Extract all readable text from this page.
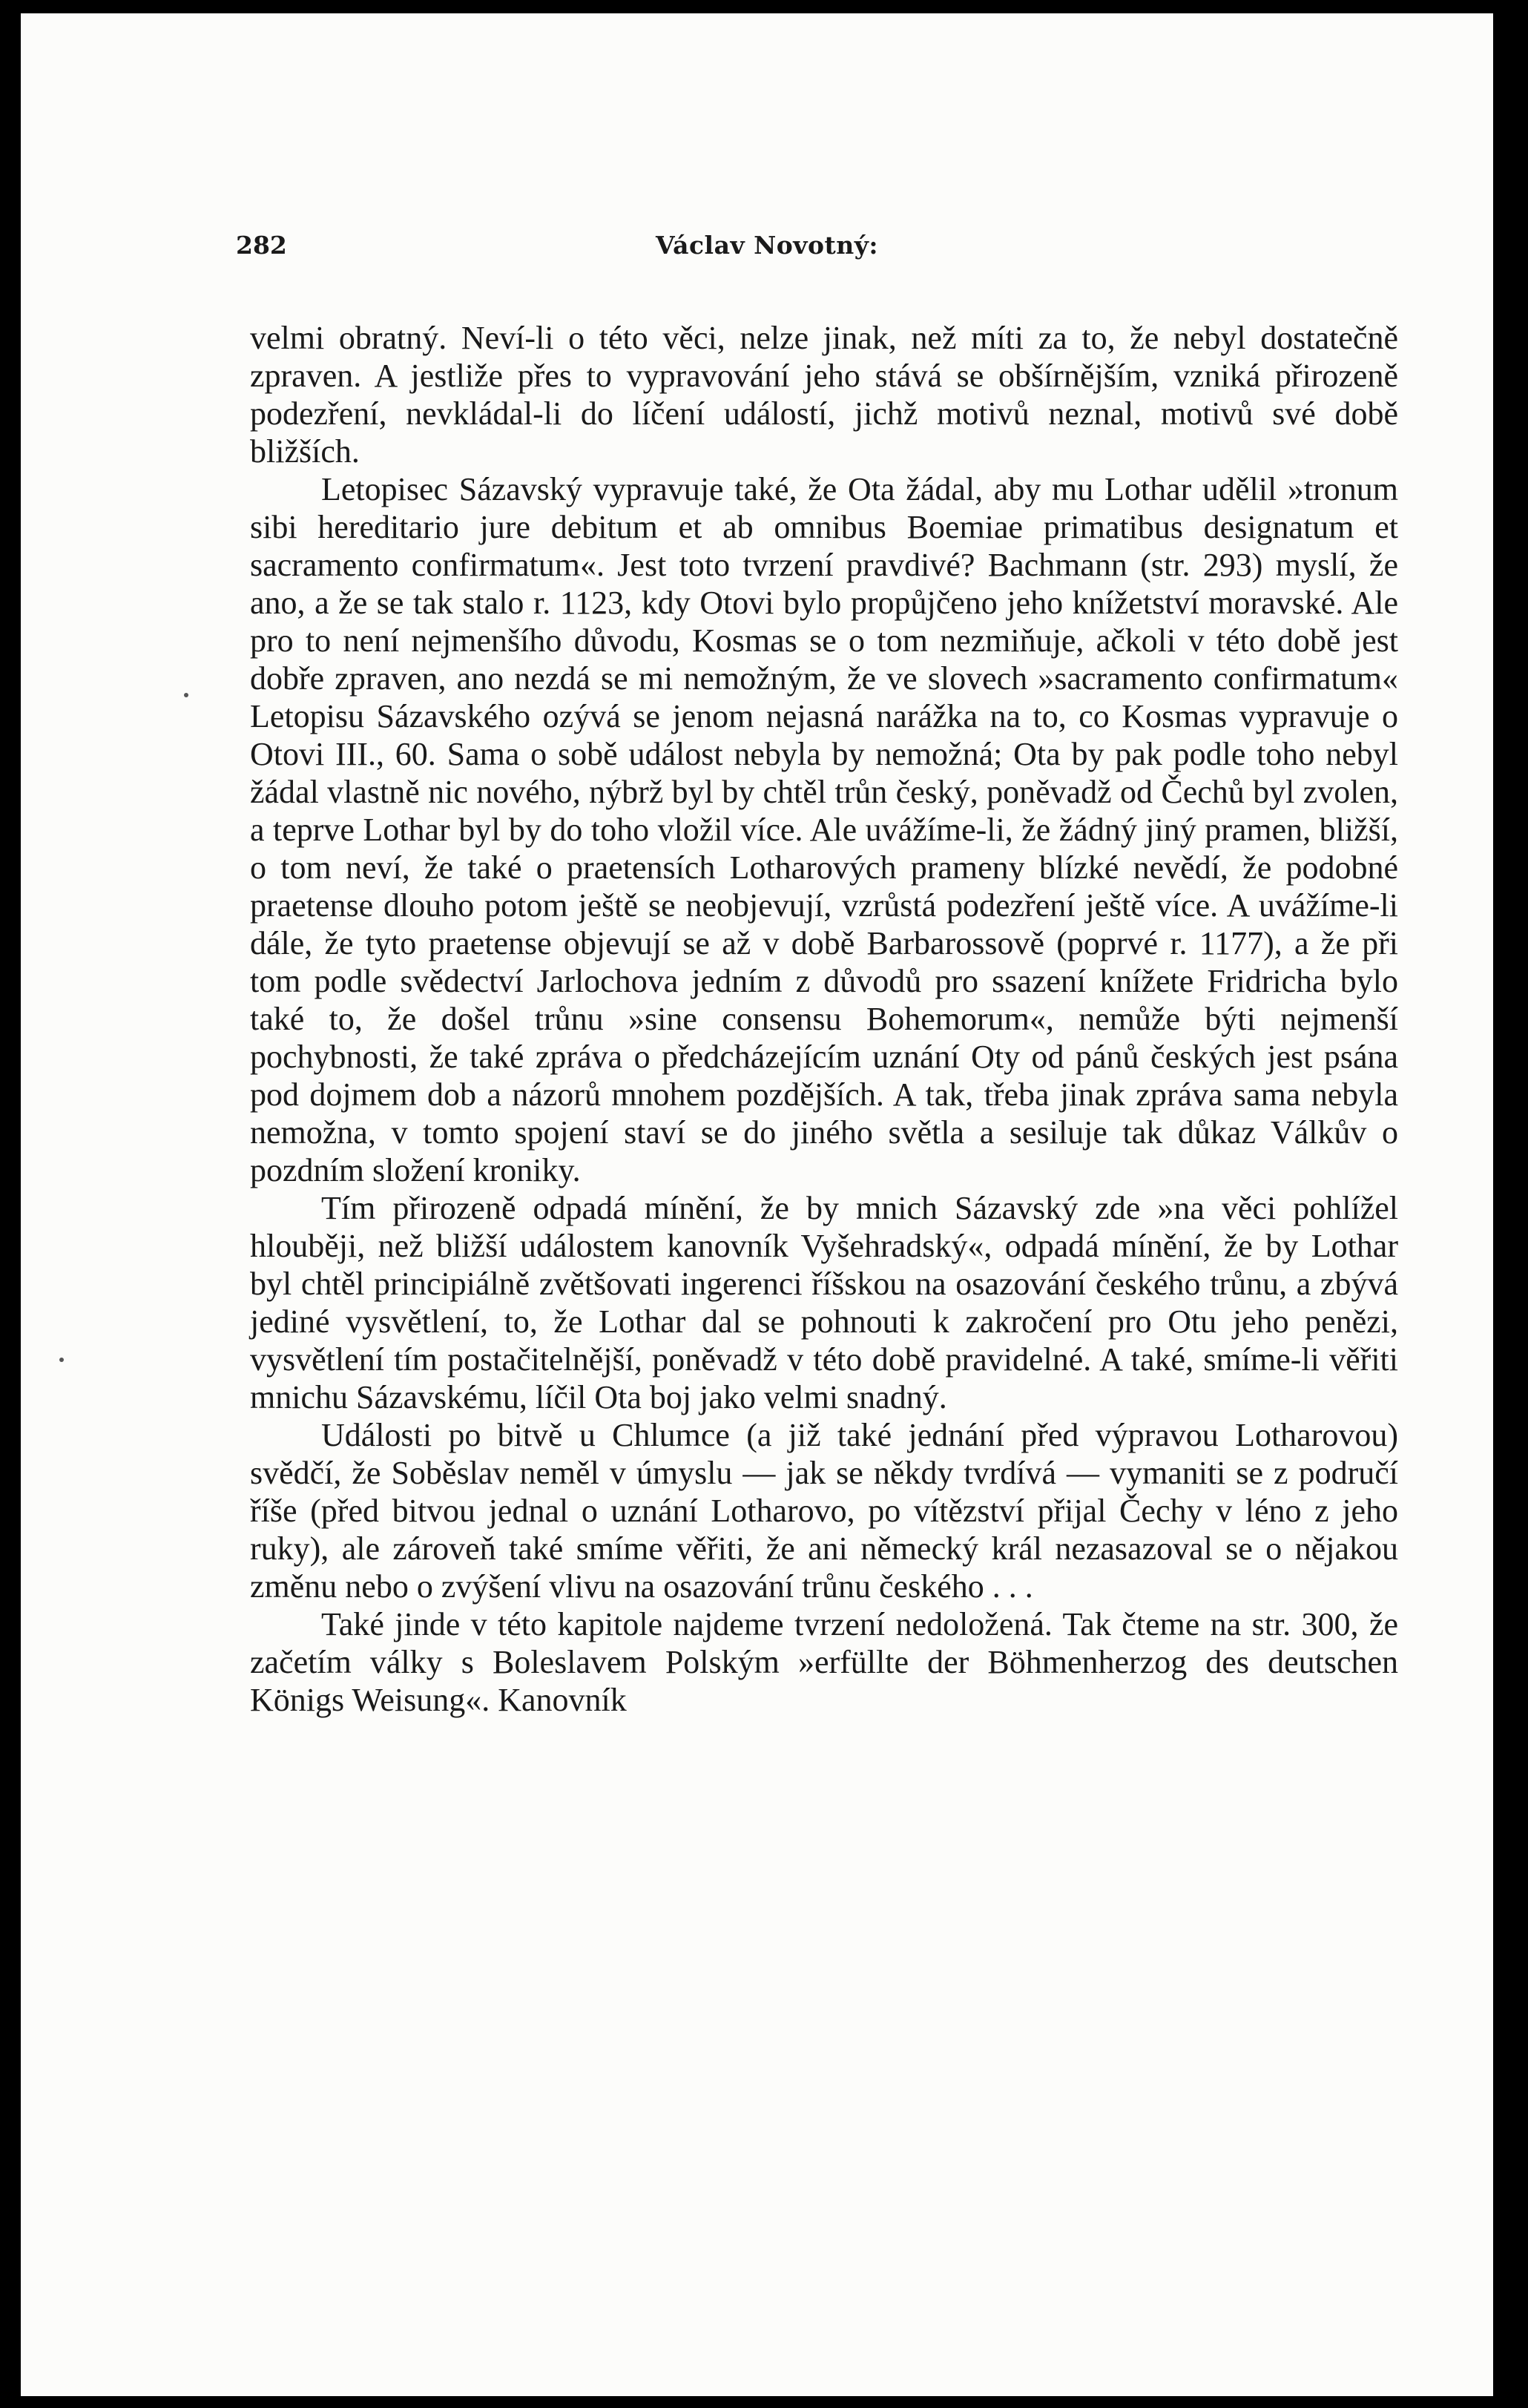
282	Václav Novotný:

velmi obratný. Neví-li o této věci, nelze jinak, než míti za to, že nebyl dostatečně zpraven. A jestliže přes to vypravování jeho stává se obšírnějším, vzniká přirozeně podezření, nevkládal-li do líčení událostí, jichž motivů neznal, motivů své době bližších.

Letopisec Sázavský vypravuje také, že Ota žádal, aby mu Lothar udělil »tronum sibi hereditario jure debitum et ab omnibus Boemiae primatibus designatum et sacramento confirmatum«. Jest toto tvrzení pravdivé? Bachmann (str. 293) myslí, že ano, a že se tak stalo r. 1123, kdy Otovi bylo propůjčeno jeho knížetství moravské. Ale pro to není nejmenšího důvodu, Kosmas se o tom nezmiňuje, ačkoli v této době jest dobře zpraven, ano nezdá se mi nemožným, že ve slovech »sacramento confirmatum« Letopisu Sázavského ozývá se jenom nejasná narážka na to, co Kosmas vypravuje o Otovi III., 60. Sama o sobě událost nebyla by nemožná; Ota by pak podle toho nebyl žádal vlastně nic nového, nýbrž byl by chtěl trůn český, poněvadž od Čechů byl zvolen, a teprve Lothar byl by do toho vložil více. Ale uvážíme-li, že žádný jiný pramen, bližší, o tom neví, že také o praetensích Lotharových prameny blízké nevědí, že podobné praetense dlouho potom ještě se neobjevují, vzrůstá podezření ještě více. A uvážíme-li dále, že tyto praetense objevují se až v době Barbarossově (poprvé r. 1177), a že při tom podle svědectví Jarlochova jedním z důvodů pro ssazení knížete Fridricha bylo také to, že došel trůnu »sine consensu Bohemorum«, nemůže býti nejmenší pochybnosti, že také zpráva o předcházejícím uznání Oty od pánů českých jest psána pod dojmem dob a názorů mnohem pozdějších. A tak, třeba jinak zpráva sama nebyla nemožna, v tomto spojení staví se do jiného světla a sesiluje tak důkaz Válkův o pozdním složení kroniky.

Tím přirozeně odpadá mínění, že by mnich Sázavský zde »na věci pohlížel hlouběji, než bližší událostem kanovník Vyšehradský«, odpadá mínění, že by Lothar byl chtěl principiálně zvětšovati ingerenci říšskou na osazování českého trůnu, a zbývá jediné vysvětlení, to, že Lothar dal se pohnouti k zakročení pro Otu jeho penězi, vysvětlení tím postačitelnější, poněvadž v této době pravidelné. A také, smíme-li věřiti mnichu Sázavskému, líčil Ota boj jako velmi snadný.

Události po bitvě u Chlumce (a již také jednání před výpravou Lotharovou) svědčí, že Soběslav neměl v úmyslu — jak se někdy tvrdívá — vymaniti se z područí říše (před bitvou jednal o uznání Lotharovo, po vítězství přijal Čechy v léno z jeho ruky), ale zároveň také smíme věřiti, že ani německý král nezasazoval se o nějakou změnu nebo o zvýšení vlivu na osazování trůnu českého . . .

Také jinde v této kapitole najdeme tvrzení nedoložená. Tak čteme na str. 300, že začetím války s Boleslavem Polským »erfüllte der Böhmenherzog des deutschen Königs Weisung«. Kanovník
